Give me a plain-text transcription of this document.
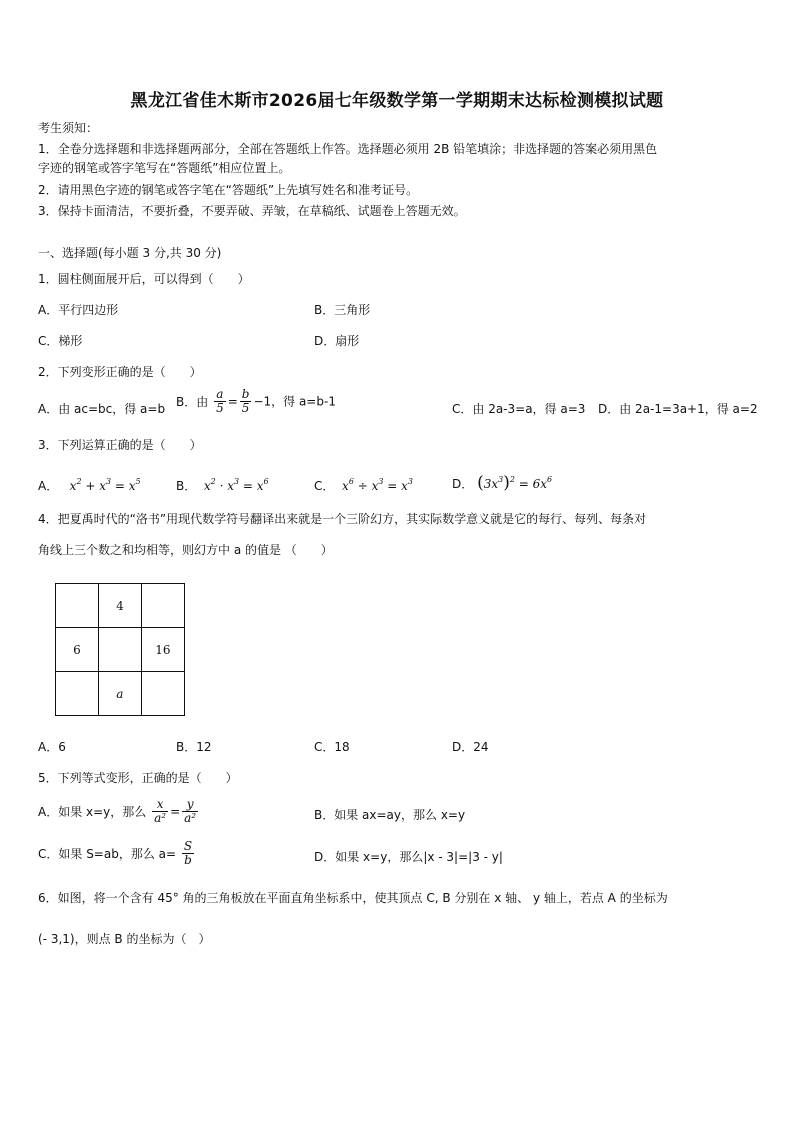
黑龙江省佳木斯市2026届七年级数学第一学期期末达标检测模拟试题
考生须知：
1．全卷分选择题和非选择题两部分，全部在答题纸上作答。选择题必须用 2B 铅笔填涂；非选择题的答案必须用黑色
字迹的钢笔或答字笔写在“答题纸”相应位置上。
2．请用黑色字迹的钢笔或答字笔在“答题纸”上先填写姓名和准考证号。
3．保持卡面清洁，不要折叠，不要弄破、弄皱，在草稿纸、试题卷上答题无效。
一、选择题(每小题 3 分,共 30 分)
1．圆柱侧面展开后，可以得到（　　）
A．平行四边形	B．三角形
C．梯形	D．扇形
2．下列变形正确的是（　　）
A．由 ac=bc，得 a=b
B．由 $\frac{a}{5} = \frac{b}{5} -1$，得 a=b-1
C．由 2a-3=a，得 a=3 D．由 2a-1=3a+1，得 a=2
3．下列运算正确的是（　　）
A．   $x^2 + x^3 = x^5$	B．  $x^2 \cdot x^3 = x^6$	C．  $x^6 \div x^3 = x^3$	D． $(3x^3)^2 = 6x^6$
4．把夏禹时代的“洛书”用现代数学符号翻译出来就是一个三阶幻方，其实际数学意义就是它的每行、每列、每条对
角线上三个数之和均相等，则幻方中 a 的值是 （　　）
	4	
6		16
	a	
A．6	B．12	C．18	D．24
5．下列等式变形，正确的是（　　）
A．如果 x=y，那么 $\frac{x}{\text{a²}} = \frac{y}{\text{a²}}$	B．如果 ax=ay，那么 x=y
C．如果 S=ab，那么 $a= \frac{S}{b}$	D．如果 x=y，那么|x - 3|=|3 - y|
6．如图，将一个含有 45° 角的三角板放在平面直角坐标系中，使其顶点 C, B 分别在 x 轴、 y 轴上，若点 A 的坐标为
(- 3,1)，则点 B 的坐标为（　）
